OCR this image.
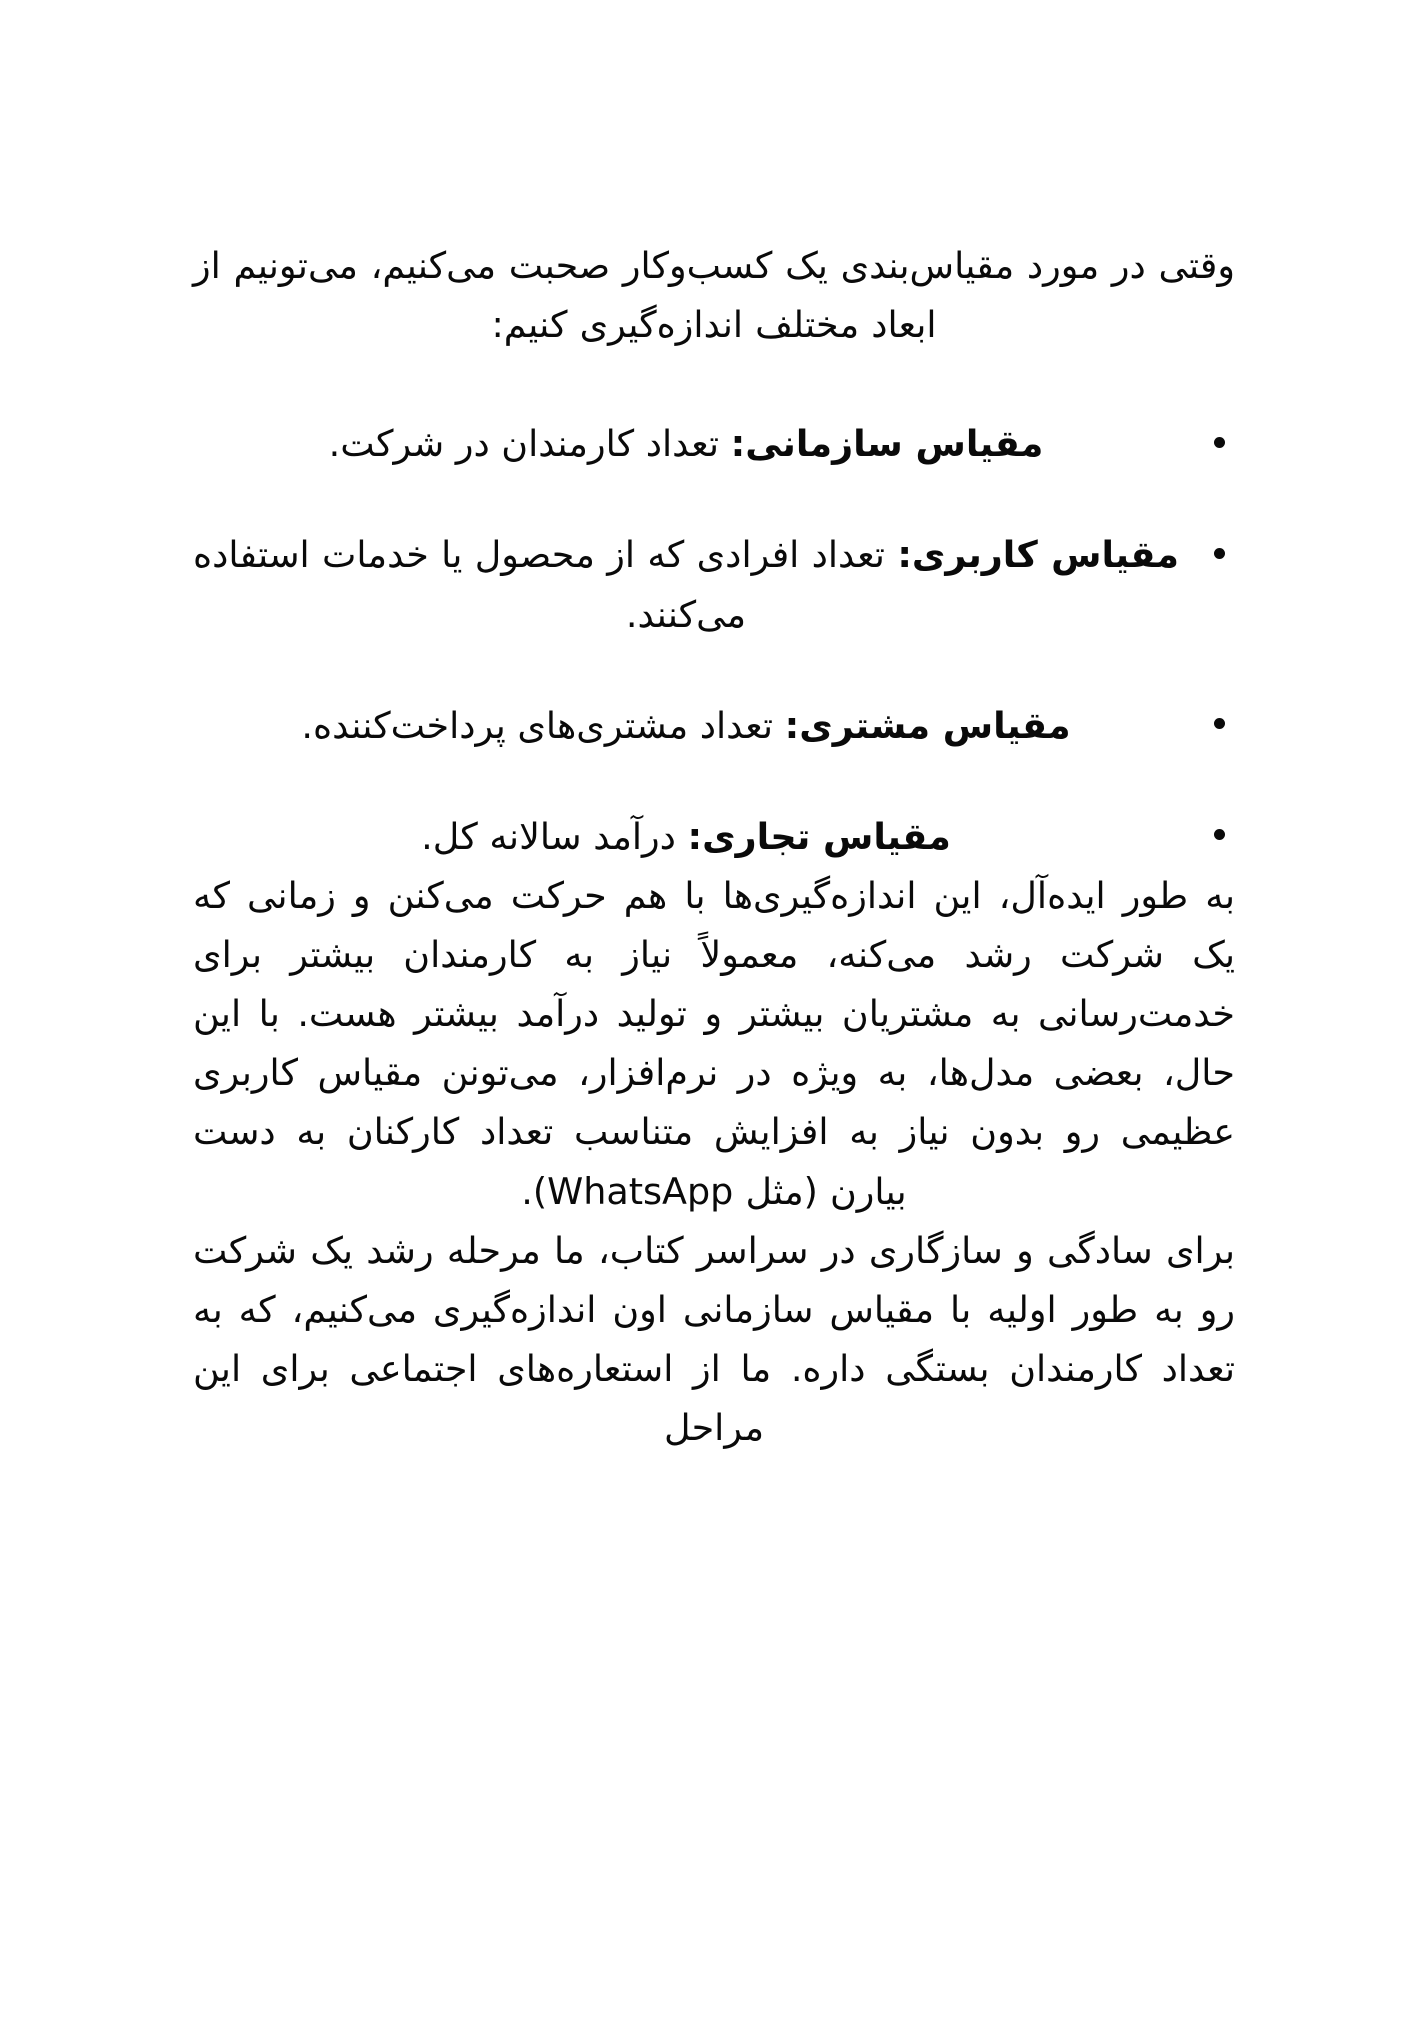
وقتی در مورد مقیاس‌بندی یک کسب‌وکار صحبت می‌کنیم، می‌تونیم از ابعاد مختلف اندازه‌گیری کنیم:

مقیاس سازمانی: تعداد کارمندان در شرکت.
مقیاس کاربری: تعداد افرادی که از محصول یا خدمات استفاده می‌کنند.
مقیاس مشتری: تعداد مشتری‌های پرداخت‌کننده.
مقیاس تجاری: درآمد سالانه کل.

به طور ایده‌آل، این اندازه‌گیری‌ها با هم حرکت می‌کنن و زمانی که یک شرکت رشد می‌کنه، معمولاً نیاز به کارمندان بیشتر برای خدمت‌رسانی به مشتریان بیشتر و تولید درآمد بیشتر هست. با این حال، بعضی مدل‌ها، به ویژه در نرم‌افزار، می‌تونن مقیاس کاربری عظیمی رو بدون نیاز به افزایش متناسب تعداد کارکنان به دست بیارن (مثل WhatsApp).

برای سادگی و سازگاری در سراسر کتاب، ما مرحله رشد یک شرکت رو به طور اولیه با مقیاس سازمانی اون اندازه‌گیری می‌کنیم، که به تعداد کارمندان بستگی داره. ما از استعاره‌های اجتماعی برای این مراحل
